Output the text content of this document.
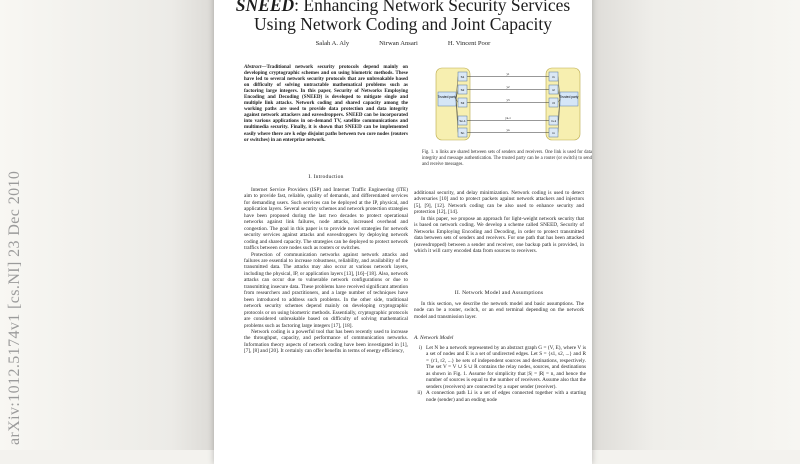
arXiv:1012.5174v1 [cs.NI] 23 Dec 2010
SNEED: Enhancing Network Security Services
Using Network Coding and Joint Capacity
Salah A. Aly	Nirwan Ansari	H. Vincent Poor
Abstract—Traditional network security protocols depend mainly on developing cryptographic schemes and on using biometric methods. These have led to several network security protocols that are unbreakable based on difficulty of solving untractable mathematical problems such as factoring large integers. In this paper, Security of Networks Employing Encoding and Decoding (SNEED) is developed to mitigate single and multiple link attacks. Network coding and shared capacity among the working paths are used to provide data protection and data integrity against network attackers and eavesdroppers. SNEED can be incorporated into various applications in on-demand TV, satellite communications and multimedia security. Finally, it is shown that SNEED can be implemented easily where there are k edge disjoint paths between two core nodes (routers or switches) in an enterprize network.
Trusted party	Trusted party
y1
y2
y3
yn-1
yn
S1	r1
S2	r2
S3	r3
Sn-1	rn-1
Sn	rn
Fig. 1. n links are shared between sets of senders and receivers. One link is used for data integrity and message authentication. The trusted party can be a router (or switch) to send and receive messages.
I. Introduction

Internet Service Providers (ISP) and Internet Traffic Engineering (ITE) aim to provide fast, reliable, quality of demands, and differentiated services for demanding users. Such services can be deployed at the IP, physical, and application layers. Several security schemes and network protection strategies have been proposed during the last two decades to protect operational networks against link failures, node attacks, increased overhead and congestion. The goal in this paper is to provide novel strategies for network security services against attacks and eavesdroppers by deploying network coding and shared capacity. The strategies can be deployed to protect network traffics between core nodes such as routers or switches.

Protection of communication networks against network attacks and failures are essential to increase robustness, reliability, and availability of the transmitted data. The attacks may also occur at various network layers, including the physical, IP, or application layers [13], [16]–[18]. Also, network attacks can occur due to vulnerable network configurations or due to transmitting insecure data. These problems have received significant attention from researchers and practitioners, and a large number of techniques have been introduced to address such problems. In the other side, traditional network security schemes depend mainly on developing cryptographic protocols or on using biometric methods. Essentially, cryptographic protocols are considered unbreakable based on difficulty of solving mathematical problems such as factoring large integers [17], [18].

Network coding is a powerful tool that has been recently used to increase the throughput, capacity, and performance of communication networks. Information theory aspects of network coding have been investigated in [1], [7], [8] and [20]. It certainly can offer benefits in terms of energy efficiency,

additional security, and delay minimization. Network coding is used to detect adversaries [10] and to protect packets against network attackers and injectors [5], [9], [12]. Network coding can be also used to enhance security and protection [12], [14].

In this paper, we propose an approach for light-weight network security that is based on network coding. We develop a scheme called SNEED, Security of Networks Employing Encoding and Decoding, in order to protect transmitted data between sets of senders and receivers. For one path that has been attacked (eavesdropped) between a sender and receiver, one backup path is provided, in which it will carry encoded data from sources to receivers.

II. Network Model and Assumptions

In this section, we describe the network model and basic assumptions. The node can be a router, switch, or an end terminal depending on the network model and transmission layer.

A. Network Model
i) Let N be a network represented by an abstract graph G = (V, E), where V is a set of nodes and E is a set of undirected edges. Let S = {s1, s2, ...} and R = {r1, r2, ...} be sets of independent sources and destinations, respectively. The set V = V ∪ S ∪ R contains the relay nodes, sources, and destinations as shown in Fig. 1. Assume for simplicity that |S| = |R| = n, and hence the number of sources is equal to the number of receivers. Assume also that the senders (receivers) are connected by a super sender (receiver).
ii) A connection path Li is a set of edges connected together with a starting node (sender) and an ending node
